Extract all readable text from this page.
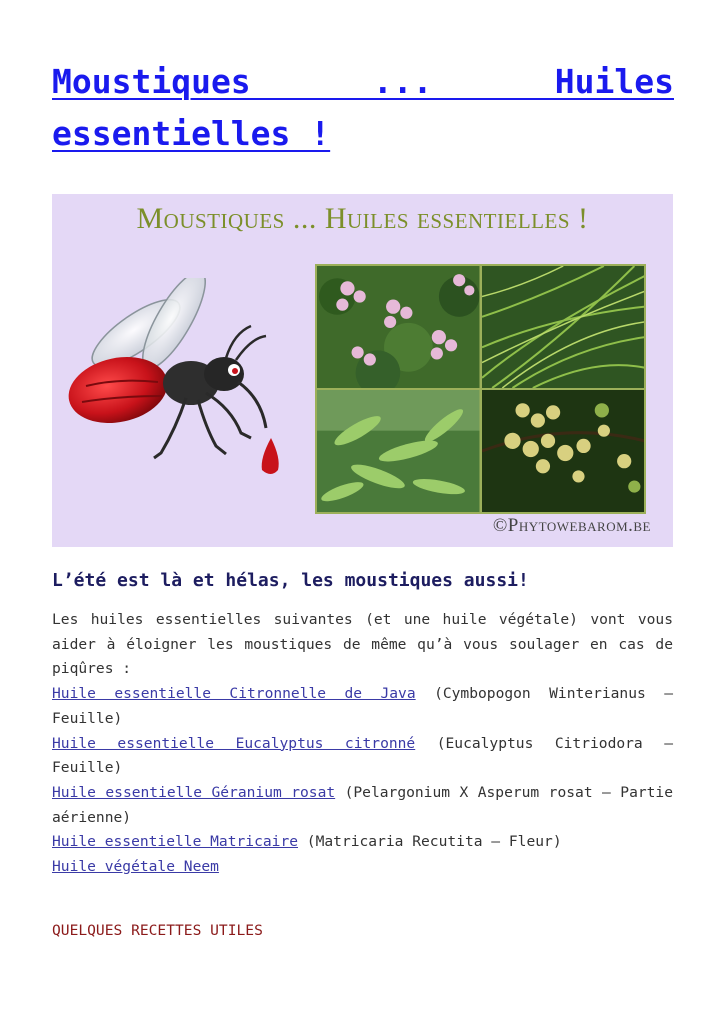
Moustiques ... Huiles essentielles !
Moustiques ... Huiles essentielles !
©Phytowebarom.be
L’été est là et hélas, les moustiques aussi!

Les huiles essentielles suivantes (et une huile végétale) vont vous aider à éloigner les moustiques de même qu’à vous soulager en cas de piqûres :

Huile essentielle Citronnelle de Java (Cymbopogon Winterianus – Feuille)

Huile essentielle Eucalyptus citronné (Eucalyptus Citriodora – Feuille)

Huile essentielle Géranium rosat (Pelargonium X Asperum rosat – Partie aérienne)

Huile essentielle Matricaire (Matricaria Recutita – Fleur)

Huile végétale Neem

QUELQUES RECETTES UTILES
